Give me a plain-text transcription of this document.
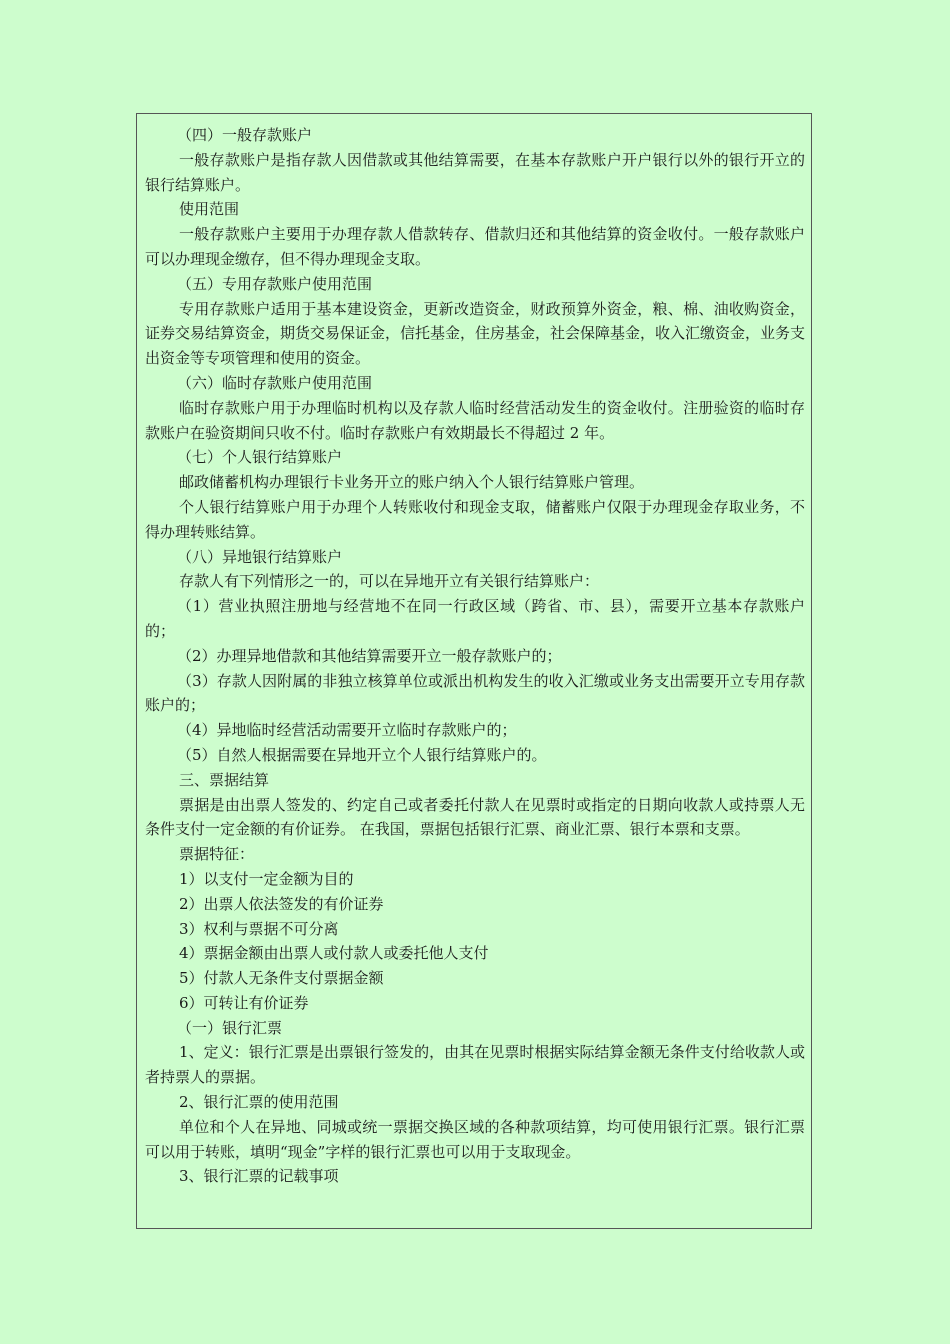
（四）一般存款账户

一般存款账户是指存款人因借款或其他结算需要，在基本存款账户开户银行以外的银行开立的银行结算账户。

使用范围

一般存款账户主要用于办理存款人借款转存、借款归还和其他结算的资金收付。一般存款账户可以办理现金缴存，但不得办理现金支取。

（五）专用存款账户使用范围

专用存款账户适用于基本建设资金，更新改造资金，财政预算外资金，粮、棉、油收购资金，证券交易结算资金，期货交易保证金，信托基金，住房基金，社会保障基金，收入汇缴资金，业务支出资金等专项管理和使用的资金。

（六）临时存款账户使用范围

临时存款账户用于办理临时机构以及存款人临时经营活动发生的资金收付。注册验资的临时存款账户在验资期间只收不付。临时存款账户有效期最长不得超过 2 年。

（七）个人银行结算账户

邮政储蓄机构办理银行卡业务开立的账户纳入个人银行结算账户管理。

个人银行结算账户用于办理个人转账收付和现金支取，储蓄账户仅限于办理现金存取业务，不得办理转账结算。

（八）异地银行结算账户

存款人有下列情形之一的，可以在异地开立有关银行结算账户：

（1）营业执照注册地与经营地不在同一行政区域（跨省、市、县），需要开立基本存款账户的；

（2）办理异地借款和其他结算需要开立一般存款账户的；

（3）存款人因附属的非独立核算单位或派出机构发生的收入汇缴或业务支出需要开立专用存款账户的；

（4）异地临时经营活动需要开立临时存款账户的；

（5）自然人根据需要在异地开立个人银行结算账户的。

三、票据结算

票据是由出票人签发的、约定自己或者委托付款人在见票时或指定的日期向收款人或持票人无条件支付一定金额的有价证券。 在我国，票据包括银行汇票、商业汇票、银行本票和支票。

票据特征：

1）以支付一定金额为目的

2）出票人依法签发的有价证券

3）权利与票据不可分离

4）票据金额由出票人或付款人或委托他人支付

5）付款人无条件支付票据金额

6）可转让有价证券

（一）银行汇票

1、定义：银行汇票是出票银行签发的，由其在见票时根据实际结算金额无条件支付给收款人或者持票人的票据。

2、银行汇票的使用范围

单位和个人在异地、同城或统一票据交换区域的各种款项结算，均可使用银行汇票。银行汇票可以用于转账，填明“现金”字样的银行汇票也可以用于支取现金。

3、银行汇票的记载事项
